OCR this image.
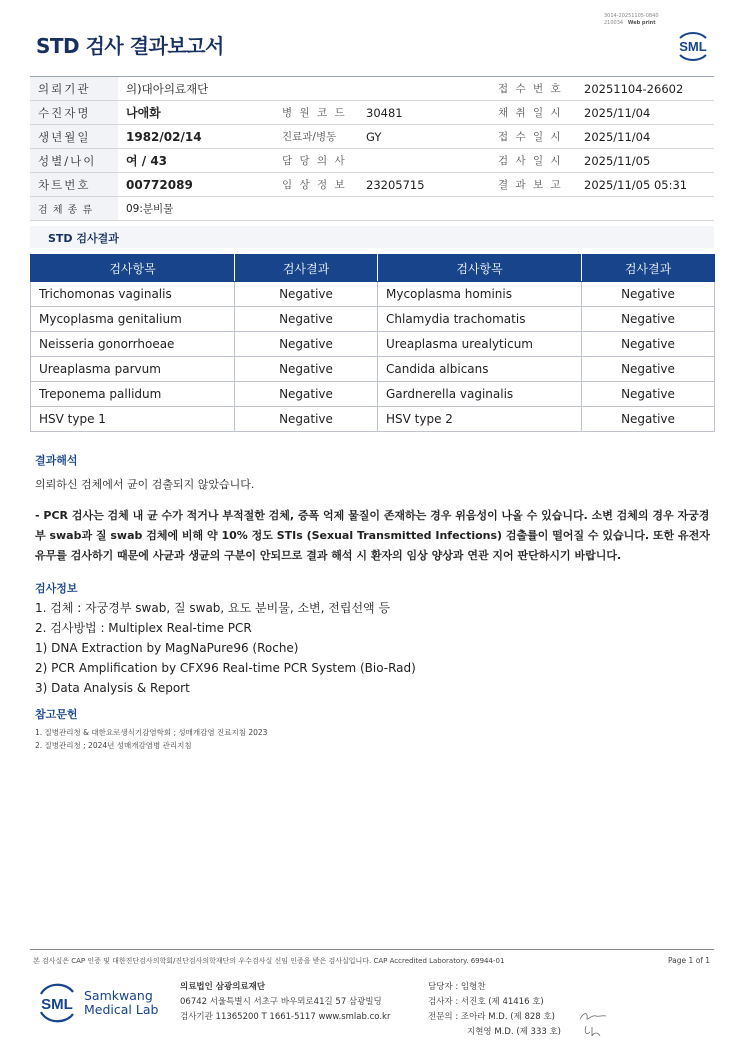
STD 검사 결과보고서
3014-20251105-0840
210034 Web print
SML
의뢰기관	의)대아의료재단			접 수 번 호	20251104-26602
수진자명	나애화	병 원 코 드	30481	채 취 일 시	2025/11/04
생년월일	1982/02/14	진료과/병동	GY	접 수 일 시	2025/11/04
성별/나이	여 / 43	담 당 의 사		검 사 일 시	2025/11/05
차트번호	00772089	임 상 정 보	23205715	결 과 보 고	2025/11/05 05:31
검 체 종 류	09:분비물				
STD 검사결과
검사항목	검사결과	검사항목	검사결과
Trichomonas vaginalis	Negative	Mycoplasma hominis	Negative
Mycoplasma genitalium	Negative	Chlamydia trachomatis	Negative
Neisseria gonorrhoeae	Negative	Ureaplasma urealyticum	Negative
Ureaplasma parvum	Negative	Candida albicans	Negative
Treponema pallidum	Negative	Gardnerella vaginalis	Negative
HSV type 1	Negative	HSV type 2	Negative
결과해석
의뢰하신 검체에서 균이 검출되지 않았습니다.
- PCR 검사는 검체 내 균 수가 적거나 부적절한 검체, 증폭 억제 물질이 존재하는 경우 위음성이 나올 수 있습니다. 소변 검체의 경우 자궁경부 swab과 질 swab 검체에 비해 약 10% 정도 STIs (Sexual Transmitted Infections) 검출률이 떨어질 수 있습니다. 또한 유전자 유무를 검사하기 때문에 사균과 생균의 구분이 안되므로 결과 해석 시 환자의 임상 양상과 연관 지어 판단하시기 바랍니다.
검사정보
1. 검체 : 자궁경부 swab, 질 swab, 요도 분비물, 소변, 전립선액 등
2. 검사방법 : Multiplex Real-time PCR
1) DNA Extraction by MagNaPure96 (Roche)
2) PCR Amplification by CFX96 Real-time PCR System (Bio-Rad)
3) Data Analysis & Report
참고문헌
1. 질병관리청 & 대한요로생식기감염학회 ; 성매개감염 진료지침 2023
2. 질병관리청 ; 2024년 성매개감염병 관리지침
본 검사실은 CAP 인증 및 대한진단검사의학회/진단검사의학재단의 우수검사실 신임 인증을 받은 검사실입니다. CAP Accredited Laboratory. 69944-01	Page 1 of 1
SML
Samkwang
Medical Lab
의료법인 삼광의료재단
06742 서울특별시 서초구 바우뫼로41길 57 삼광빌딩
검사기관 11365200 T 1661-5117 www.smlab.co.kr
담당자 : 임형찬
검사자 : 서진호 (제 41416 호)
전문의 : 조아라 M.D. (제 828 호)
지현영 M.D. (제 333 호)
